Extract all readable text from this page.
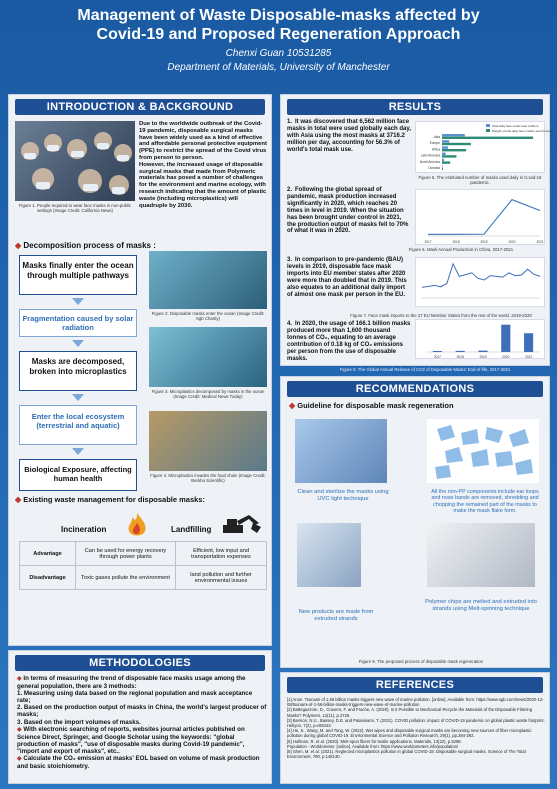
Management of Waste Disposable-masks affected by
Covid-19 and Proposed Regeneration Approach
Chenxi Guan 10531285
Department of Materials, University of Manchester
INTRODUCTION & BACKGROUND
Figure 1. People required to wear face masks in non-public settings (Image Credit: California News)
Due to the worldwide outbreak of the Covid-19 pandemic, disposable surgical masks have been widely used as a kind of effective and affordable personal protective equipment (PPE) to restrict the spread of the Covid virus from person to person.
However, the increased usage of disposable surgical masks that made from Polymeric materials has posed a number of challenges for the environment and marine ecology, with research indicating that the amount of plastic waste (including microplastics) will quadruple by 2030.
◆ Decomposition process of masks :
Masks finally enter the ocean through multiple pathways
Fragmentation caused by solar radiation
Masks are decomposed, broken into microplastics
Enter the local ecosystem (terrestrial and aquatic)
Biological Exposure, affecting human health
Figure 2. Disposable masks enter the ocean (Image Credit: Sgb Charity)
Figure 3. Microplastics decomposed by masks in the ocean (Image Credit: Medical News Today)
Figure 4. Microplastics invades the food chain (Image Credit: Berkha Scientific)
◆ Existing waste management for disposable masks:
Incineration	Landfilling
Advantage	Can be used for energy recovery through power plants	Efficient, low input and transportation expenses
Disadvantage	Toxic gases pollute the environment	land pollution and further environmental issues
METHODOLOGIES
◆ In terms of measuring the trend of disposable face masks usage among the general population, there are 3 methods:
1. Measuring using data based on the regional population and mask acceptance rate;
2. Based on the production output of masks in China, the world's largest producer of masks;
3. Based on the import volumes of masks.
◆ With electronic searching of reports, websites journal articles published on Science Direct, Springer, and Google Scholar using the keywords: "global production of masks", "use of disposable masks during Covid-19 pandemic", "import and export of masks", etc..
◆ Calculate the CO₂ emission at masks' EOL based on volume of mask production and basic stoichiometry.
RESULTS
1. It was discovered that 6,562 million face masks in total were used globally each day, with Asia using the most masks at 3716.2 million per day, accounting for 56.3% of world's total mask use.
Total daily face mask used (million)
Weight of total daily face masks used (tonnes)
Asia
Europe
Africa
Latin America
North America
Oceania
Figure 5. The estimated number of masks used daily in Covid-19 pandemic.
2. Following the global spread of pandemic, mask production increased significantly in 2020, which reaches 20 times in level in 2019. When the situation has been brought under control in 2021, the production output of masks fell to 70% of what it was in 2020.
2017	2018	2019	2020	2021
Figure 6. Mask Annual Production in China, 2017-2021
3. In comparison to pre-pandemic (BAU) levels in 2019, disposable face mask imports into EU member states after 2020 were more than doubled that in 2019. This also equates to an additional daily import of almost one mask per person in the EU.
Figure 7. Face mask imports to the 27 EU Member States from the rest of the world, 2019-2020
4. In 2020, the usage of 166.1 billion masks produced more than 1,600 thousand tonnes of CO₂, equating to an average contribution of 0.18 kg of CO₂ emissions per person from the use of disposable masks.	2017	2018	2019	2020	2021
Figure 8. The Global Annual Release of CO2 of Disposable Masks' End-of-life, 2017-2021
RECOMMENDATIONS
◆ Guideline for disposable mask regeneration
Clean and sterilize the masks using UVC light technique
All the non-PP components include ear loops and nose bands are removed, shredding and chopping the remained part of the masks to make the mask flake form.
New products are made from extruded strands
Polymer chips are melted and extruded into strands using Melt-spinning technique
Figure 9. The proposed process of disposable mask regeneration
REFERENCES
[1] Anon. Tsunami of 1.56 billion masks triggers new wave of marine pollution. [online]. Available from: https://www.sgb.com/news/2020-12-08/tsunami-of-1-56-billion-masks-triggers-new-wave-of-marine-pollution
[2] Battegazzore, D., Cravero, F. and Frache, A. (2020). Is it Possible to Mechanical Recycle the Materials of the Disposable Filtering Masks? Polymers, 12(11), p.2726.
[3] Benson, N.U., Bassey, D.E. and Palanisami, T. (2021). COVID pollution: impact of COVID-19 pandemic on global plastic waste footprint. Heliyon, 7(2), p.e06343.
[4] He, S., Wang, M. and Tong, W. (2022). Wet wipes and disposable surgical masks are becoming new sources of fiber microplastic pollution during global COVID-19. Environmental Science and Pollution Research, 29(1), pp.284-292.
[5] Hullman, R. et al. (2020). Melt-spun fibers for textile applications. Materials, 13(22), p.5298.
Population - Worldometer. [online]. Available from: https://www.worldometers.info/population/
[6] Shen, M. et al. (2021). Neglected microplastics pollution in global COVID-19: Disposable surgical masks. Science of The Total Environment, 790, p.148130.
